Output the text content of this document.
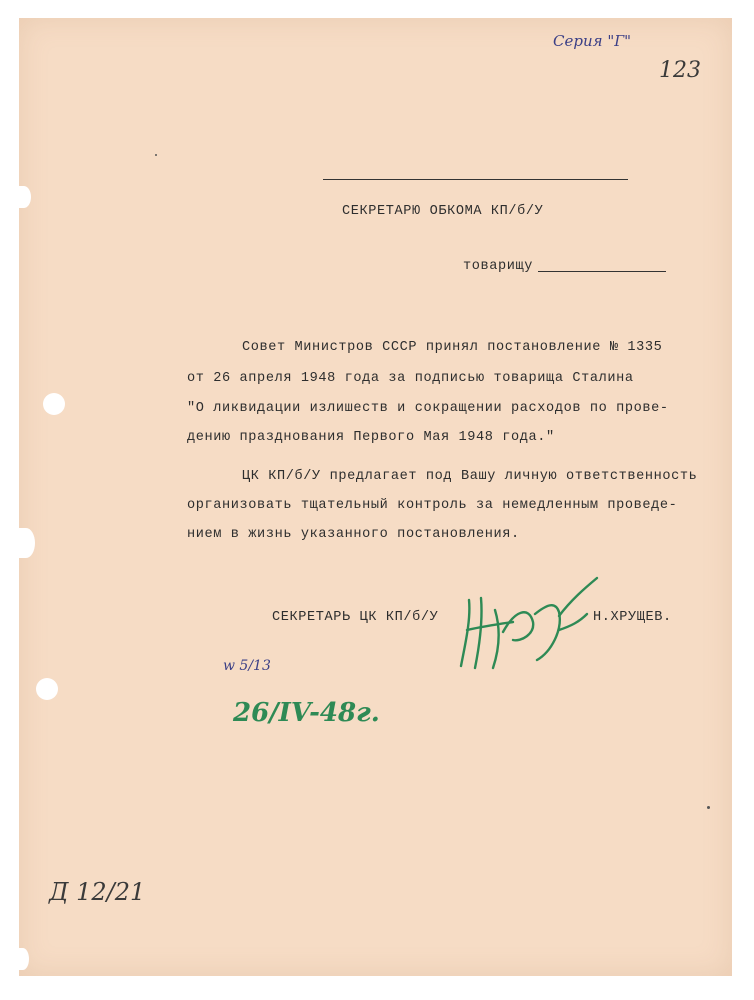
Серия "Г"
123
СЕКРЕТАРЮ ОБКОМА КП/б/У
товарищу
Совет Министров СССР принял постановление № 1335
от 26 апреля 1948 года за подписью товарища Сталина
"О ликвидации излишеств и сокращении расходов по прове-
дению празднования Первого Мая 1948 года."
ЦК КП/б/У предлагает под Вашу личную ответственность
организовать тщательный контроль за немедленным проведе-
нием в жизнь указанного постановления.
СЕКРЕТАРЬ ЦК КП/б/У	Н.ХРУЩЕВ.
w 5/13
26/IV-48г.
Д 12/21
